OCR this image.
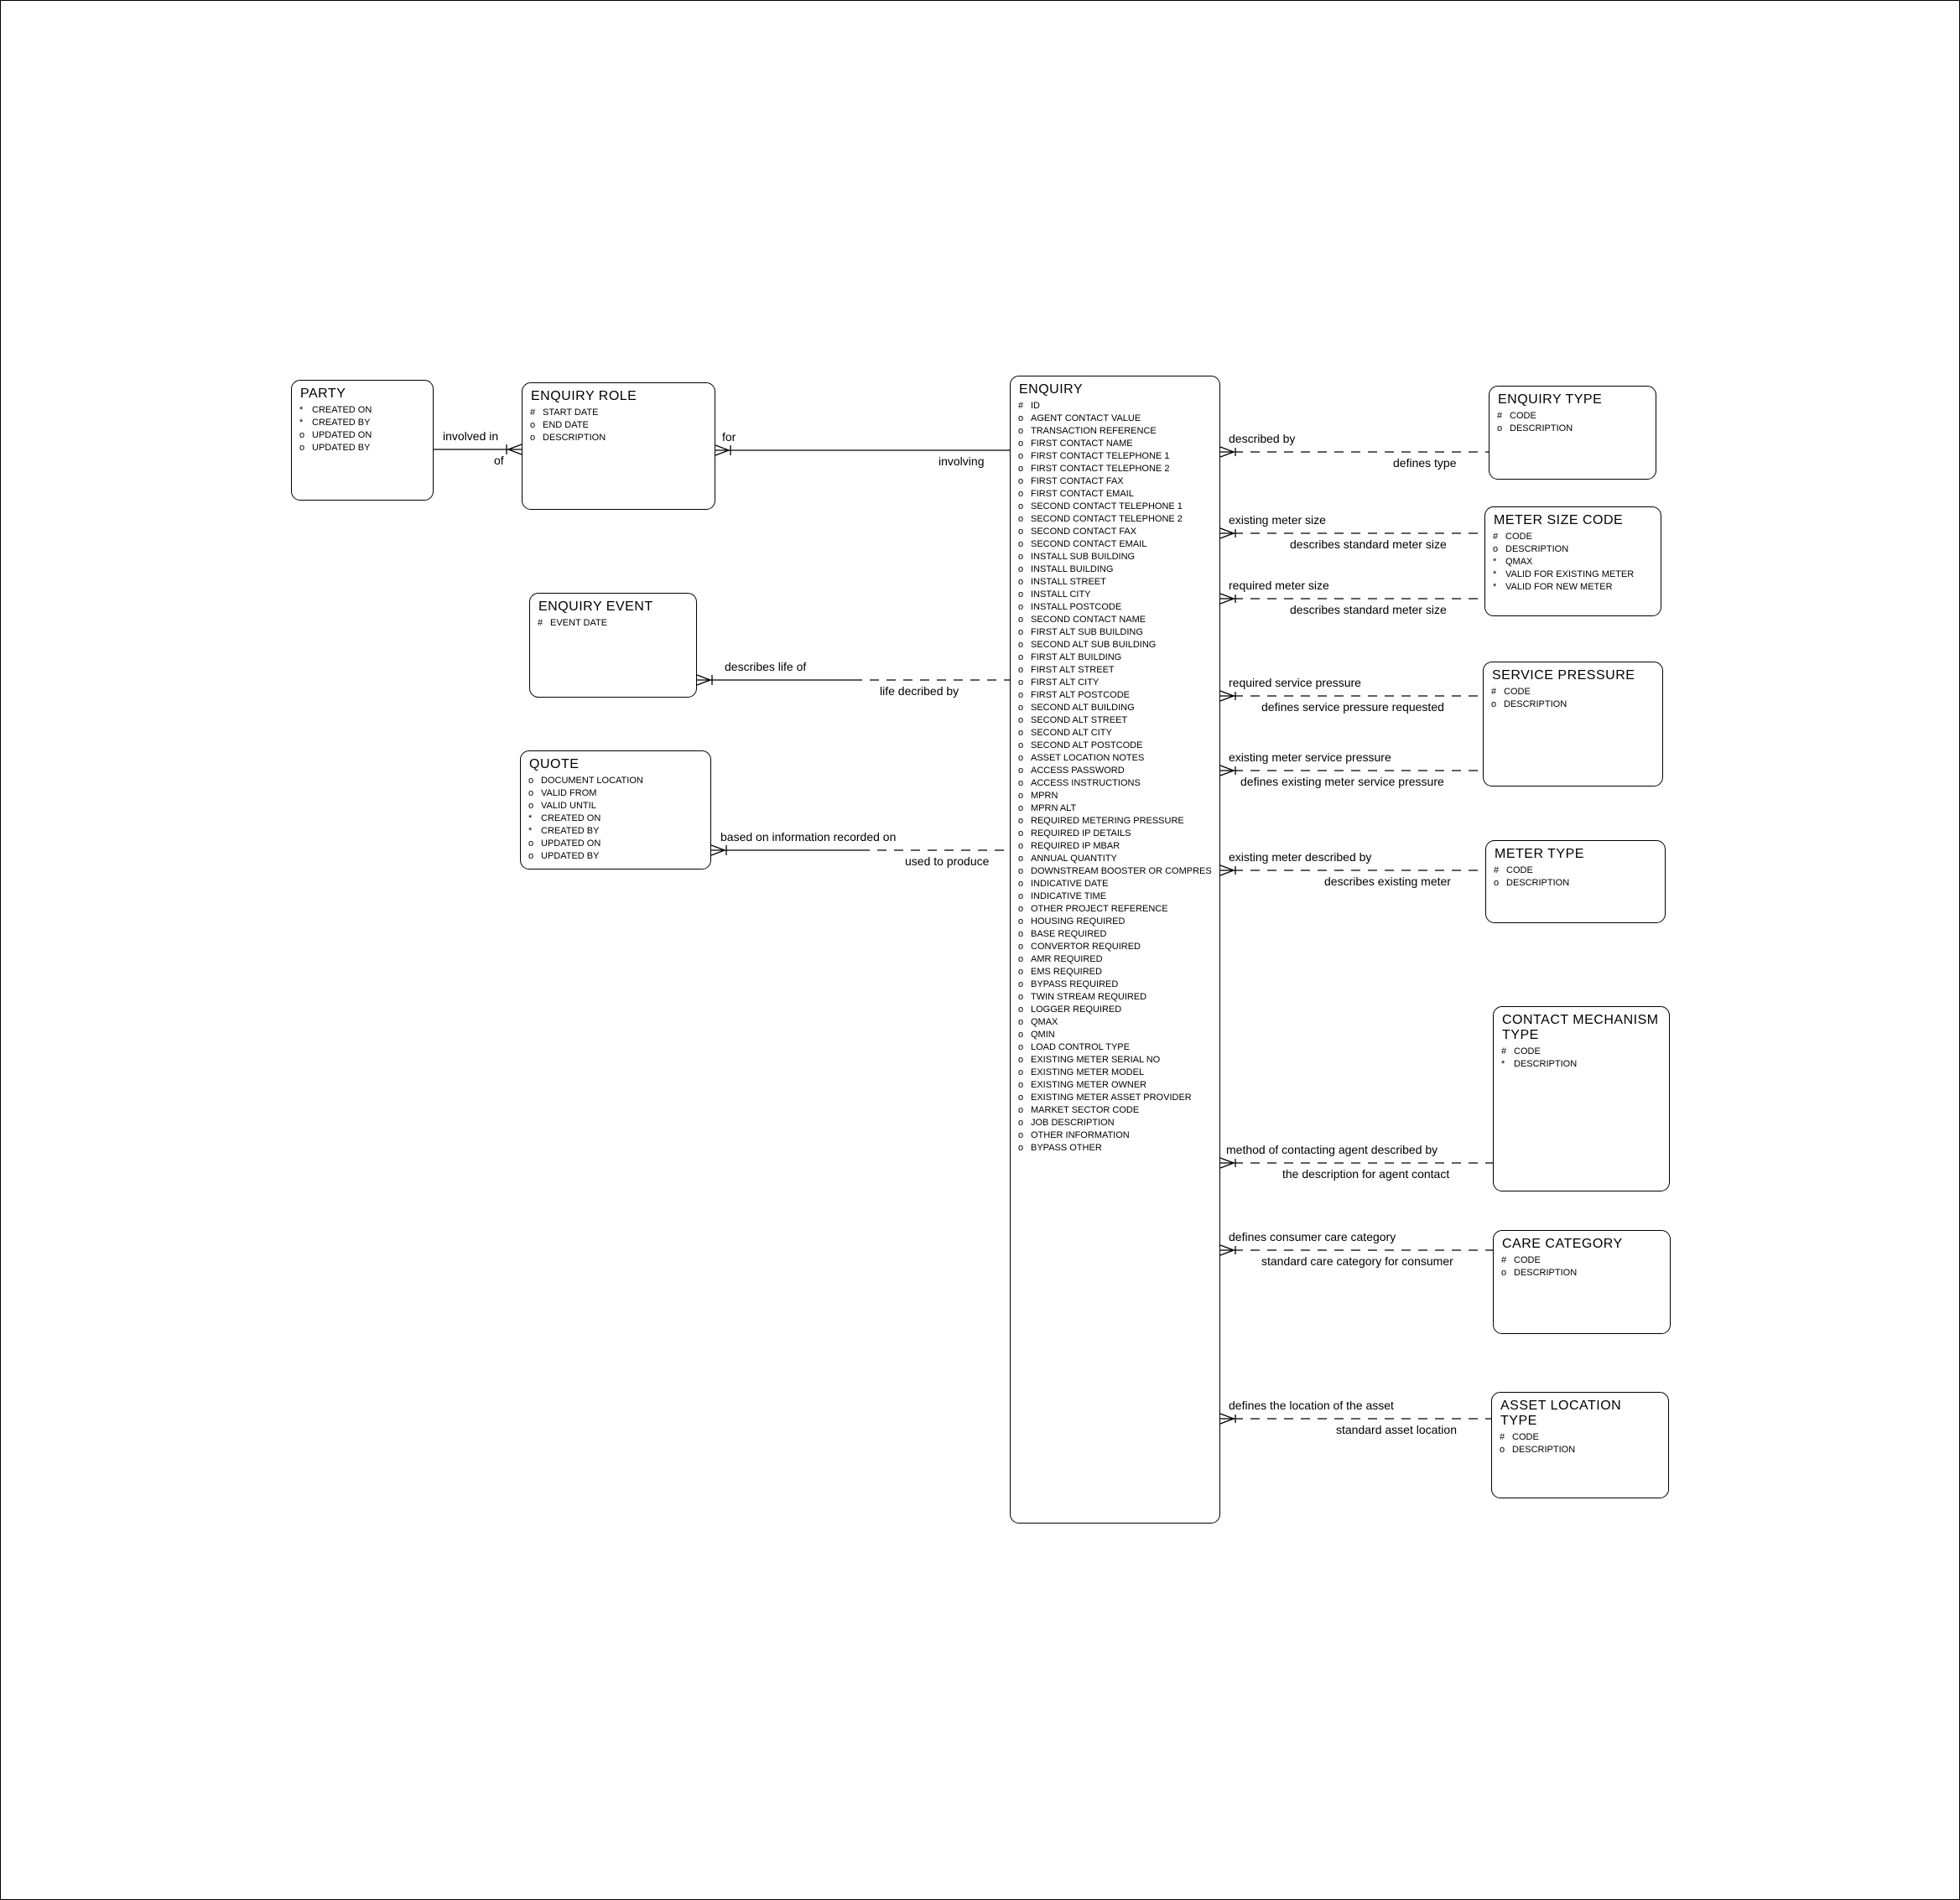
PARTY
* CREATED ON
* CREATED BY
o UPDATED ON
o UPDATED BY
ENQUIRY ROLE
# START DATE
o END DATE
o DESCRIPTION
ENQUIRY EVENT
# EVENT DATE
QUOTE
o DOCUMENT LOCATION
o VALID FROM
o VALID UNTIL
* CREATED ON
* CREATED BY
o UPDATED ON
o UPDATED BY
ENQUIRY
# ID
o AGENT CONTACT VALUE
o TRANSACTION REFERENCE
o FIRST CONTACT NAME
o FIRST CONTACT TELEPHONE 1
o FIRST CONTACT TELEPHONE 2
o FIRST CONTACT FAX
o FIRST CONTACT EMAIL
o SECOND CONTACT TELEPHONE 1
o SECOND CONTACT TELEPHONE 2
o SECOND CONTACT FAX
o SECOND CONTACT EMAIL
o INSTALL SUB BUILDING
o INSTALL BUILDING
o INSTALL STREET
o INSTALL CITY
o INSTALL POSTCODE
o SECOND CONTACT NAME
o FIRST ALT SUB BUILDING
o SECOND ALT SUB BUILDING
o FIRST ALT BUILDING
o FIRST ALT STREET
o FIRST ALT CITY
o FIRST ALT POSTCODE
o SECOND ALT BUILDING
o SECOND ALT STREET
o SECOND ALT CITY
o SECOND ALT POSTCODE
o ASSET LOCATION NOTES
o ACCESS PASSWORD
o ACCESS INSTRUCTIONS
o MPRN
o MPRN ALT
o REQUIRED METERING PRESSURE
o REQUIRED IP DETAILS
o REQUIRED IP MBAR
o ANNUAL QUANTITY
o DOWNSTREAM BOOSTER OR COMPRES
o INDICATIVE DATE
o INDICATIVE TIME
o OTHER PROJECT REFERENCE
o HOUSING REQUIRED
o BASE REQUIRED
o CONVERTOR REQUIRED
o AMR REQUIRED
o EMS REQUIRED
o BYPASS REQUIRED
o TWIN STREAM REQUIRED
o LOGGER REQUIRED
o QMAX
o QMIN
o LOAD CONTROL TYPE
o EXISTING METER SERIAL NO
o EXISTING METER MODEL
o EXISTING METER OWNER
o EXISTING METER ASSET PROVIDER
o MARKET SECTOR CODE
o JOB DESCRIPTION
o OTHER INFORMATION
o BYPASS OTHER
ENQUIRY TYPE
# CODE
o DESCRIPTION
METER SIZE CODE
# CODE
o DESCRIPTION
* QMAX
* VALID FOR EXISTING METER
* VALID FOR NEW METER
SERVICE PRESSURE
# CODE
o DESCRIPTION
METER TYPE
# CODE
o DESCRIPTION
CONTACT MECHANISM TYPE
# CODE
* DESCRIPTION
CARE CATEGORY
# CODE
o DESCRIPTION
ASSET LOCATION TYPE
# CODE
o DESCRIPTION
involved in
of
for
involving
describes life of
life decribed by
based on information recorded on
used to produce
described by
defines type
existing meter size
describes standard meter size
required meter size
describes standard meter size
required service pressure
defines service pressure requested
existing meter service pressure
defines existing meter service pressure
existing meter described by
describes existing meter
method of contacting agent described by
the description for agent contact
defines consumer care category
standard care category for consumer
defines the location of the asset
standard asset location
